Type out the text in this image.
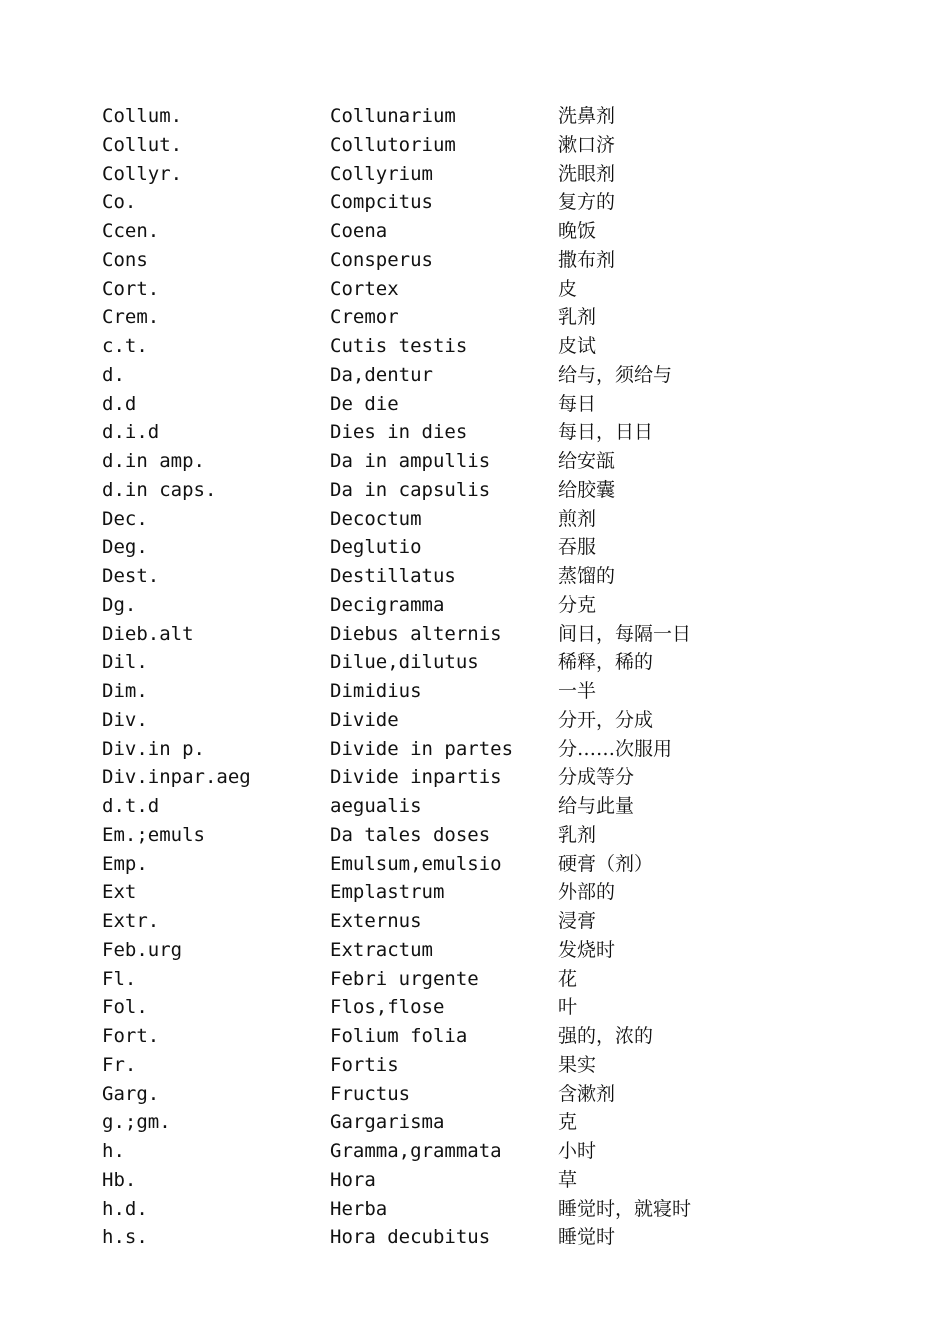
Collum.	Collunarium	洗鼻剂
Collut.	Collutorium	漱口济
Collyr.	Collyrium	洗眼剂
Co.	Compcitus	复方的
Ccen.	Coena	晚饭
Cons	Consperus	撒布剂
Cort.	Cortex	皮
Crem.	Cremor	乳剂
c.t.	Cutis testis	皮试
d.	Da,dentur	给与，须给与
d.d	De die	每日
d.i.d	Dies in dies	每日，日日
d.in amp.	Da in ampullis	给安瓿
d.in caps.	Da in capsulis	给胶囊
Dec.	Decoctum	煎剂
Deg.	Deglutio	吞服
Dest.	Destillatus	蒸馏的
Dg.	Decigramma	分克
Dieb.alt	Diebus alternis	间日，每隔一日
Dil.	Dilue,dilutus	稀释，稀的
Dim.	Dimidius	一半
Div.	Divide	分开，分成
Div.in p.	Divide in partes	分……次服用
Div.inpar.aeg	Divide inpartis	分成等分
d.t.d	aegualis	给与此量
Em.;emuls	Da tales doses	乳剂
Emp.	Emulsum,emulsio	硬膏（剂）
Ext	Emplastrum	外部的
Extr.	Externus	浸膏
Feb.urg	Extractum	发烧时
Fl.	Febri urgente	花
Fol.	Flos,flose	叶
Fort.	Folium folia	强的，浓的
Fr.	Fortis	果实
Garg.	Fructus	含漱剂
g.;gm.	Gargarisma	克
h.	Gramma,grammata	小时
Hb.	Hora	草
h.d.	Herba	睡觉时，就寝时
h.s.	Hora decubitus	睡觉时
